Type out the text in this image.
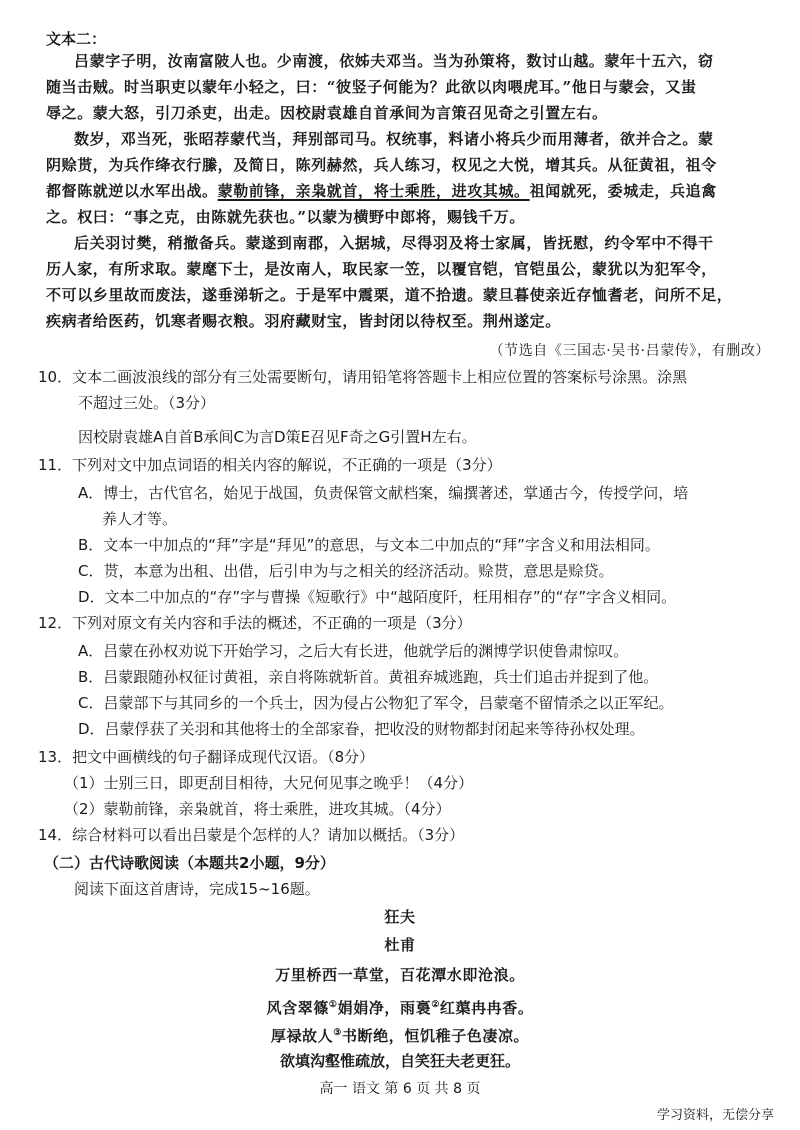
文本二：
吕蒙字子明，汝南富陂人也。少南渡，依姊夫邓当。当为孙策将，数讨山越。蒙年十五六，窃
随当击贼。时当职吏以蒙年小轻之，曰：“彼竖子何能为？此欲以肉喂虎耳。”他日与蒙会，又蚩
辱之。蒙大怒，引刀杀吏，出走。因校尉袁雄自首承间为言策召见奇之引置左右。
数岁，邓当死，张昭荐蒙代当，拜别部司马。权统事，料诸小将兵少而用薄者，欲并合之。蒙
阴赊贳，为兵作绛衣行縢，及简日，陈列赫然，兵人练习，权见之大悦，增其兵。从征黄祖，祖令
都督陈就逆以水军出战。蒙勒前锋，亲枭就首，将士乘胜，进攻其城。祖闻就死，委城走，兵追禽
之。权曰：“事之克，由陈就先获也。”以蒙为横野中郎将，赐钱千万。
后关羽讨樊，稍撤备兵。蒙遂到南郡，入据城，尽得羽及将士家属，皆抚慰，约令军中不得干
历人家，有所求取。蒙麾下士，是汝南人，取民家一笠，以覆官铠，官铠虽公，蒙犹以为犯军令，
不可以乡里故而废法，遂垂涕斩之。于是军中震栗，道不拾遗。蒙旦暮使亲近存恤耆老，问所不足，
疾病者给医药，饥寒者赐衣粮。羽府藏财宝，皆封闭以待权至。荆州遂定。
（节选自《三国志·吴书·吕蒙传》，有删改）
10．文本二画波浪线的部分有三处需要断句，请用铅笔将答题卡上相应位置的答案标号涂黑。涂黑
不超过三处。（3分）
因校尉袁雄A自首B承间C为言D策E召见F奇之G引置H左右。
11．下列对文中加点词语的相关内容的解说，不正确的一项是（3分）
A．博士，古代官名，始见于战国，负责保管文献档案，编撰著述，掌通古今，传授学问，培
养人才等。
B．文本一中加点的“拜”字是“拜见”的意思，与文本二中加点的“拜”字含义和用法相同。
C．贳，本意为出租、出借，后引申为与之相关的经济活动。赊贳，意思是赊贷。
D．文本二中加点的“存”字与曹操《短歌行》中“越陌度阡，枉用相存”的“存”字含义相同。
12．下列对原文有关内容和手法的概述，不正确的一项是（3分）
A．吕蒙在孙权劝说下开始学习，之后大有长进，他就学后的渊博学识使鲁肃惊叹。
B．吕蒙跟随孙权征讨黄祖，亲自将陈就斩首。黄祖弃城逃跑，兵士们追击并捉到了他。
C．吕蒙部下与其同乡的一个兵士，因为侵占公物犯了军令，吕蒙毫不留情杀之以正军纪。
D．吕蒙俘获了关羽和其他将士的全部家眷，把收没的财物都封闭起来等待孙权处理。
13．把文中画横线的句子翻译成现代汉语。（8分）
（1）士别三日，即更刮目相待，大兄何见事之晚乎！（4分）
（2）蒙勒前锋，亲枭就首，将士乘胜，进攻其城。（4分）
14．综合材料可以看出吕蒙是个怎样的人？请加以概括。（3分）
（二）古代诗歌阅读（本题共2小题，9分）
阅读下面这首唐诗，完成15~16题。
狂夫
杜甫
万里桥西一草堂，百花潭水即沧浪。
风含翠篠①娟娟净，雨裛②红蕖冉冉香。
厚禄故人③书断绝，恒饥稚子色凄凉。
欲填沟壑惟疏放，自笑狂夫老更狂。
高一 语文 第 6 页 共 8 页
学习资料，无偿分享
